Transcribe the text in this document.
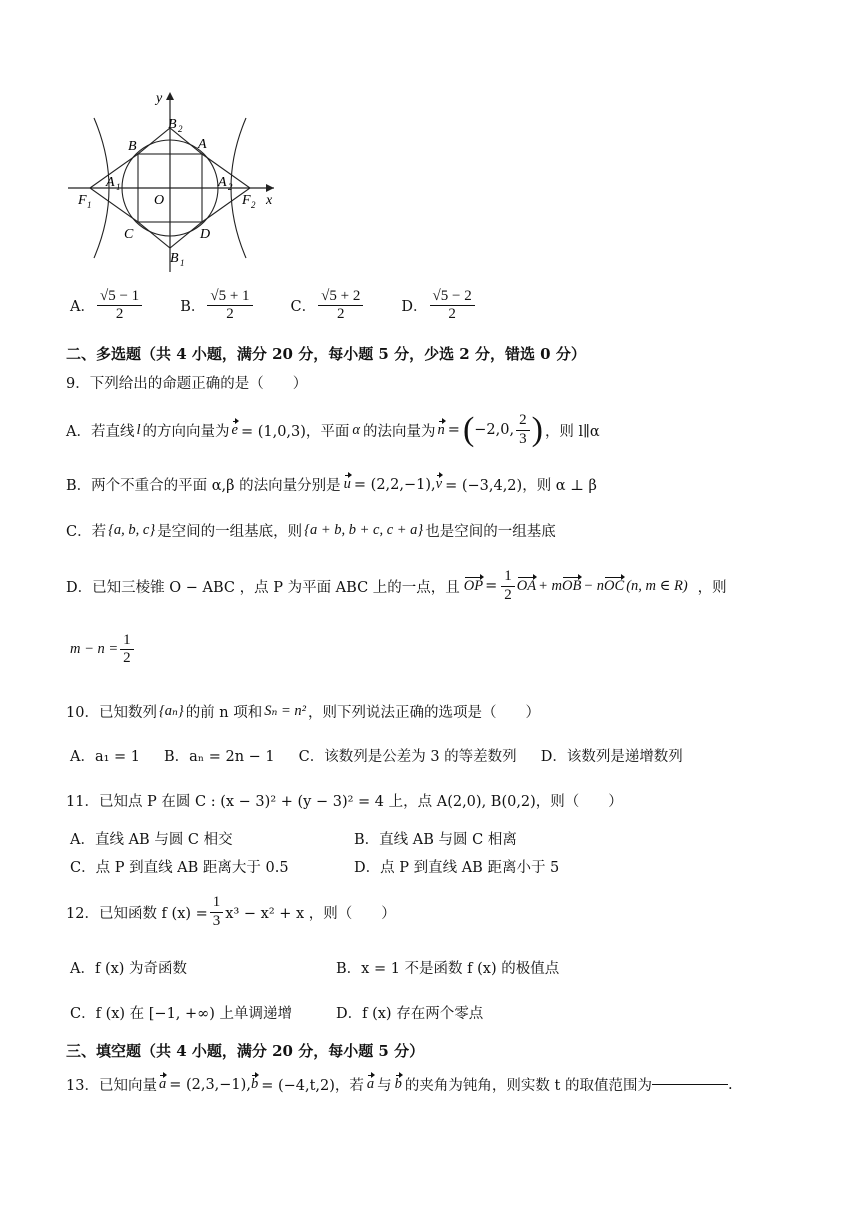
y
x
B 2
B	A
A 1	A 2
F 1	F 2
O
C	D
B 1
A． $\frac{√5 - 1}{2}$	B． $\frac{√5 + 1}{2}$	C． $\frac{√5 + 2}{2}$	D． $\frac{√5 - 2}{2}$
二、多选题（共 4 小题，满分 20 分，每小题 5 分，少选 2 分，错选 0 分）
9．下列给出的命题正确的是（　　）
A．若直线 l 的方向向量为 e = (1,0,3)，平面 α 的法向量为 n = ( −2,0, $\frac{2}{3}$ ) ，则 l∥α
B．两个不重合的平面 α,β 的法向量分别是 u = (2,2,−1), v = (−3,4,2)，则 α ⊥ β
C．若 {a, b, c} 是空间的一组基底，则 {a + b, b + c, c + a} 也是空间的一组基底
D．已知三棱锥 O − ABC ，点 P 为平面 ABC 上的一点，且 OP = $\frac{1}{2}$ OA + m OB − n OC (n, m ∈ R) ，则
$m - n = \frac{1}{2}$
10．已知数列 {aₙ} 的前 n 项和 Sₙ = n² ，则下列说法正确的选项是（　　）
A．a₁ = 1 B．aₙ = 2n − 1 C．该数列是公差为 3 的等差数列 D．该数列是递增数列
11．已知点 P 在圆 C : (x − 3)² + (y − 3)² = 4 上，点 A(2,0), B(0,2)，则（　　）
A．直线 AB 与圆 C 相交	B．直线 AB 与圆 C 相离
C．点 P 到直线 AB 距离大于 0.5	D．点 P 到直线 AB 距离小于 5
12．已知函数 f $(x) = \frac{1}{3} x^3 - x^2 + x$ ，则（　　）
A．f (x) 为奇函数	B．x = 1 不是函数 f (x) 的极值点
C．f (x) 在 [−1, +∞) 上单调递增	D．f (x) 存在两个零点
三、填空题（共 4 小题，满分 20 分，每小题 5 分）
13．已知向量 a = (2,3,−1), b = (−4,t,2)，若 a 与 b 的夹角为钝角，则实数 t 的取值范围为	.
